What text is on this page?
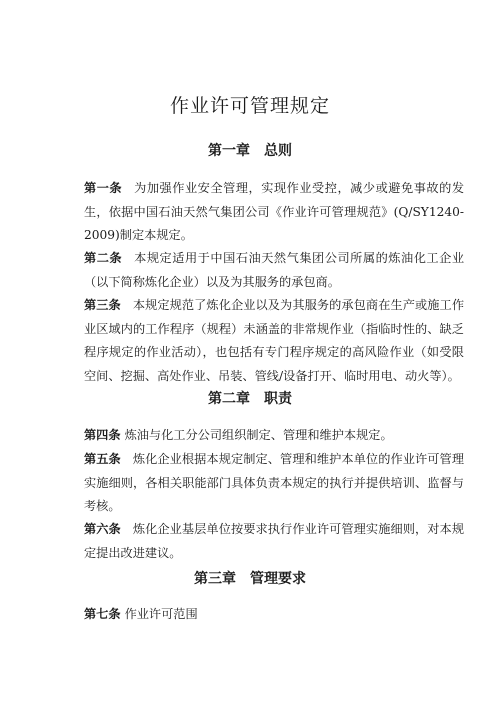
作业许可管理规定
第一章 总则

第一条 为加强作业安全管理，实现作业受控，减少或避免事故的发生，依据中国石油天然气集团公司《作业许可管理规范》(Q/SY1240-2009)制定本规定。

第二条 本规定适用于中国石油天然气集团公司所属的炼油化工企业（以下简称炼化企业）以及为其服务的承包商。

第三条 本规定规范了炼化企业以及为其服务的承包商在生产或施工作业区域内的工作程序（规程）未涵盖的非常规作业（指临时性的、缺乏程序规定的作业活动），也包括有专门程序规定的高风险作业（如受限空间、挖掘、高处作业、吊装、管线/设备打开、临时用电、动火等）。

第二章 职责

第四条 炼油与化工分公司组织制定、管理和维护本规定。

第五条 炼化企业根据本规定制定、管理和维护本单位的作业许可管理实施细则，各相关职能部门具体负责本规定的执行并提供培训、监督与考核。

第六条 炼化企业基层单位按要求执行作业许可管理实施细则，对本规定提出改进建议。

第三章 管理要求

第七条 作业许可范围
